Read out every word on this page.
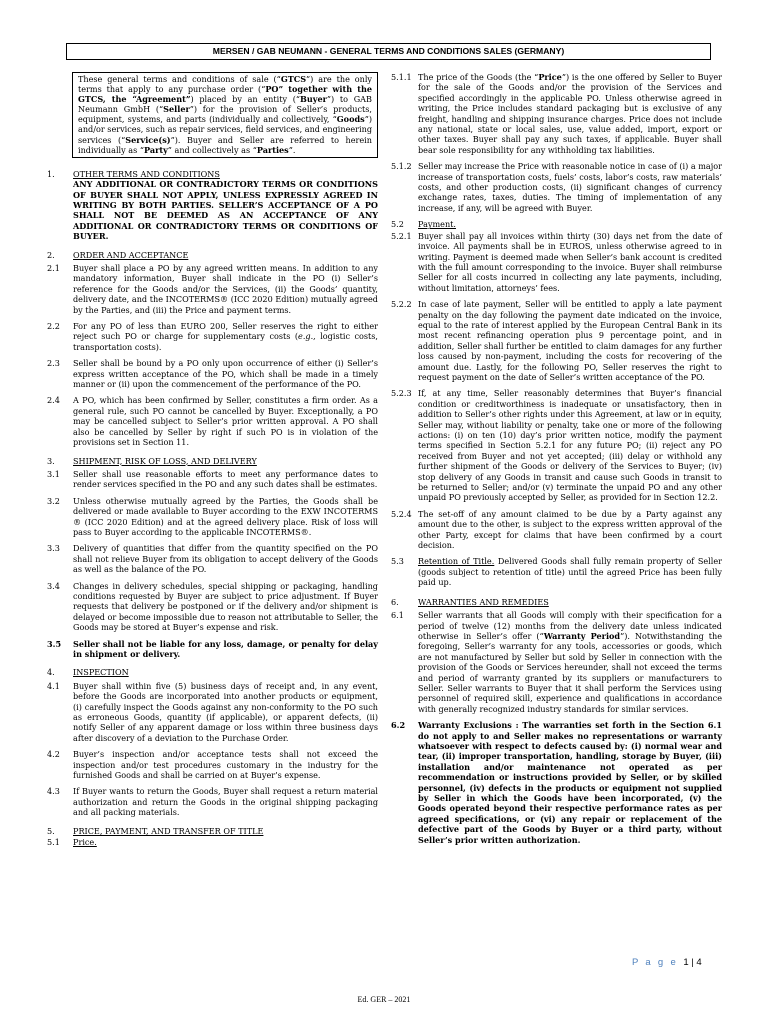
MERSEN / GAB NEUMANN - GENERAL TERMS AND CONDITIONS SALES (GERMANY)
These general terms and conditions of sale (“GTCS”) are the only terms that apply to any purchase order (“PO” together with the GTCS, the “Agreement”) placed by an entity (“Buyer”) to GAB Neumann GmbH (“Seller”) for the provision of Seller’s products, equipment, systems, and parts (individually and collectively, “Goods”) and/or services, such as repair services, field services, and engineering services (“Service(s)”). Buyer and Seller are referred to herein individually as “Party” and collectively as “Parties”.
1.	OTHER TERMS AND CONDITIONS
ANY ADDITIONAL OR CONTRADICTORY TERMS OR CONDITIONS OF BUYER SHALL NOT APPLY, UNLESS EXPRESSLY AGREED IN WRITING BY BOTH PARTIES. SELLER’S ACCEPTANCE OF A PO SHALL NOT BE DEEMED AS AN ACCEPTANCE OF ANY ADDITIONAL OR CONTRADICTORY TERMS OR CONDITIONS OF BUYER.
2.	ORDER AND ACCEPTANCE
2.1	Buyer shall place a PO by any agreed written means. In addition to any mandatory information, Buyer shall indicate in the PO (i) Seller’s reference for the Goods and/or the Services, (ii) the Goods’ quantity, delivery date, and the INCOTERMS® (ICC 2020 Edition) mutually agreed by the Parties, and (iii) the Price and payment terms.
2.2	For any PO of less than EURO 200, Seller reserves the right to either reject such PO or charge for supplementary costs (e.g., logistic costs, transportation costs).
2.3	Seller shall be bound by a PO only upon occurrence of either (i) Seller’s express written acceptance of the PO, which shall be made in a timely manner or (ii) upon the commencement of the performance of the PO.
2.4	A PO, which has been confirmed by Seller, constitutes a firm order. As a general rule, such PO cannot be cancelled by Buyer. Exceptionally, a PO may be cancelled subject to Seller’s prior written approval. A PO shall also be cancelled by Seller by right if such PO is in violation of the provisions set in Section 11.
3.	SHIPMENT, RISK OF LOSS, AND DELIVERY
3.1	Seller shall use reasonable efforts to meet any performance dates to render services specified in the PO and any such dates shall be estimates.
3.2	Unless otherwise mutually agreed by the Parties, the Goods shall be delivered or made available to Buyer according to the EXW INCOTERMS ® (ICC 2020 Edition) and at the agreed delivery place. Risk of loss will pass to Buyer according to the applicable INCOTERMS®.
3.3	Delivery of quantities that differ from the quantity specified on the PO shall not relieve Buyer from its obligation to accept delivery of the Goods as well as the balance of the PO.
3.4	Changes in delivery schedules, special shipping or packaging, handling conditions requested by Buyer are subject to price adjustment. If Buyer requests that delivery be postponed or if the delivery and/or shipment is delayed or become impossible due to reason not attributable to Seller, the Goods may be stored at Buyer’s expense and risk.
3.5	Seller shall not be liable for any loss, damage, or penalty for delay in shipment or delivery.
4.	INSPECTION
4.1	Buyer shall within five (5) business days of receipt and, in any event, before the Goods are incorporated into another products or equipment, (i) carefully inspect the Goods against any non-conformity to the PO such as erroneous Goods, quantity (if applicable), or apparent defects, (ii) notify Seller of any apparent damage or loss within three business days after discovery of a deviation to the Purchase Order.
4.2	Buyer’s inspection and/or acceptance tests shall not exceed the inspection and/or test procedures customary in the industry for the furnished Goods and shall be carried on at Buyer’s expense.
4.3	If Buyer wants to return the Goods, Buyer shall request a return material authorization and return the Goods in the original shipping packaging and all packing materials.
5.	PRICE, PAYMENT, AND TRANSFER OF TITLE
5.1	Price.
5.1.1 The price of the Goods (the “Price”) is the one offered by Seller to Buyer for the sale of the Goods and/or the provision of the Services and specified accordingly in the applicable PO. Unless otherwise agreed in writing, the Price includes standard packaging but is exclusive of any freight, handling and shipping insurance charges. Price does not include any national, state or local sales, use, value added, import, export or other taxes. Buyer shall pay any such taxes, if applicable. Buyer shall bear sole responsibility for any withholding tax liabilities.
5.1.2 Seller may increase the Price with reasonable notice in case of (i) a major increase of transportation costs, fuels’ costs, labor’s costs, raw materials’ costs, and other production costs, (ii) significant changes of currency exchange rates, taxes, duties. The timing of implementation of any increase, if any, will be agreed with Buyer.
5.2	Payment.
5.2.1 Buyer shall pay all invoices within thirty (30) days net from the date of invoice. All payments shall be in EUROS, unless otherwise agreed to in writing. Payment is deemed made when Seller’s bank account is credited with the full amount corresponding to the invoice. Buyer shall reimburse Seller for all costs incurred in collecting any late payments, including, without limitation, attorneys’ fees.
5.2.2 In case of late payment, Seller will be entitled to apply a late payment penalty on the day following the payment date indicated on the invoice, equal to the rate of interest applied by the European Central Bank in its most recent refinancing operation plus 9 percentage point, and in addition, Seller shall further be entitled to claim damages for any further loss caused by non-payment, including the costs for recovering of the amount due. Lastly, for the following PO, Seller reserves the right to request payment on the date of Seller’s written acceptance of the PO.
5.2.3 If, at any time, Seller reasonably determines that Buyer’s financial condition or creditworthiness is inadequate or unsatisfactory, then in addition to Seller’s other rights under this Agreement, at law or in equity, Seller may, without liability or penalty, take one or more of the following actions: (i) on ten (10) day’s prior written notice, modify the payment terms specified in Section 5.2.1 for any future PO; (ii) reject any PO received from Buyer and not yet accepted; (iii) delay or withhold any further shipment of the Goods or delivery of the Services to Buyer; (iv) stop delivery of any Goods in transit and cause such Goods in transit to be returned to Seller; and/or (v) terminate the unpaid PO and any other unpaid PO previously accepted by Seller, as provided for in Section 12.2.
5.2.4 The set-off of any amount claimed to be due by a Party against any amount due to the other, is subject to the express written approval of the other Party, except for claims that have been confirmed by a court decision.
5.3	Retention of Title. Delivered Goods shall fully remain property of Seller (goods subject to retention of title) until the agreed Price has been fully paid up.
6.	WARRANTIES AND REMEDIES
6.1	Seller warrants that all Goods will comply with their specification for a period of twelve (12) months from the delivery date unless indicated otherwise in Seller’s offer (“Warranty Period”). Notwithstanding the foregoing, Seller’s warranty for any tools, accessories or goods, which are not manufactured by Seller but sold by Seller in connection with the provision of the Goods or Services hereunder, shall not exceed the terms and period of warranty granted by its suppliers or manufacturers to Seller. Seller warrants to Buyer that it shall perform the Services using personnel of required skill, experience and qualifications in accordance with generally recognized industry standards for similar services.
6.2	Warranty Exclusions : The warranties set forth in the Section 6.1 do not apply to and Seller makes no representations or warranty whatsoever with respect to defects caused by: (i) normal wear and tear, (ii) improper transportation, handling, storage by Buyer, (iii) installation and/or maintenance not operated as per recommendation or instructions provided by Seller, or by skilled personnel, (iv) defects in the products or equipment not supplied by Seller in which the Goods have been incorporated, (v) the Goods operated beyond their respective performance rates as per agreed specifications, or (vi) any repair or replacement of the defective part of the Goods by Buyer or a third party, without Seller’s prior written authorization.
P a g e 1 | 4
Ed. GER – 2021
